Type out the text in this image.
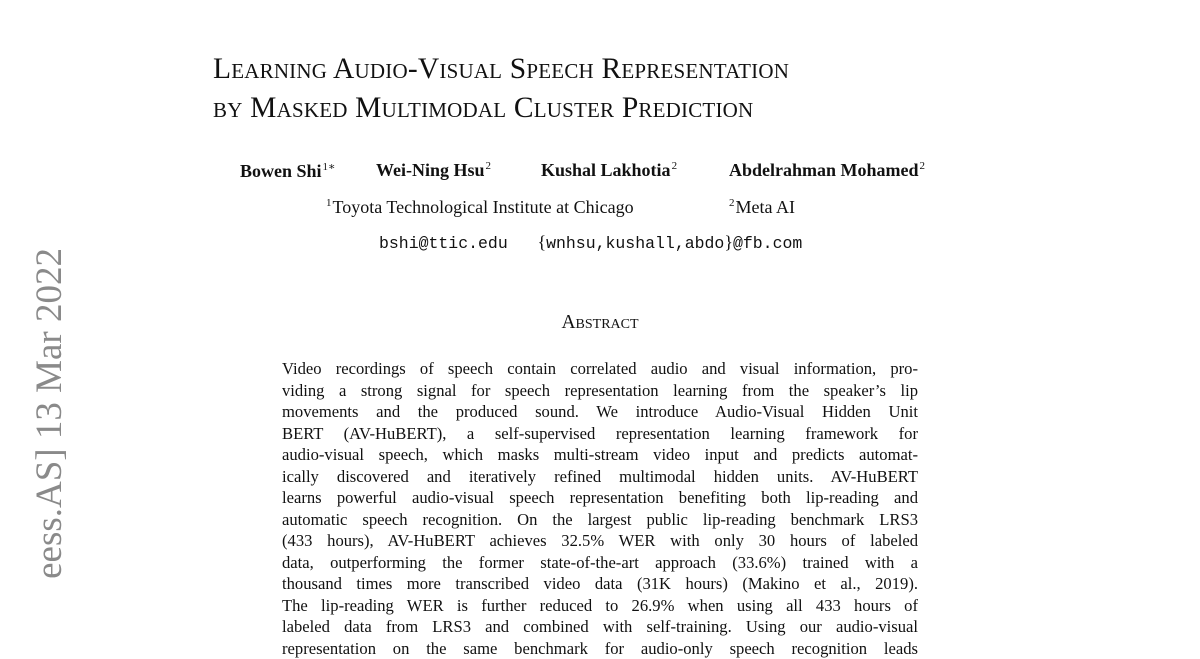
Learning Audio-Visual Speech Representation
by Masked Multimodal Cluster Prediction
Bowen Shi$^{1∗}$ Wei-Ning Hsu$^2$	Kushal Lakhotia$^2$	Abdelrahman Mohamed$^2$
$^1$Toyota Technological Institute at Chicago	$^2$Meta AI
bshi@ttic.edu {wnhsu,kushall,abdo}@fb.com
Abstract
Video recordings of speech contain correlated audio and visual information, pro-
viding a strong signal for speech representation learning from the speaker’s lip
movements and the produced sound. We introduce Audio-Visual Hidden Unit
BERT (AV-HuBERT), a self-supervised representation learning framework for
audio-visual speech, which masks multi-stream video input and predicts automat-
ically discovered and iteratively refined multimodal hidden units. AV-HuBERT
learns powerful audio-visual speech representation benefiting both lip-reading and
automatic speech recognition. On the largest public lip-reading benchmark LRS3
(433 hours), AV-HuBERT achieves 32.5% WER with only 30 hours of labeled
data, outperforming the former state-of-the-art approach (33.6%) trained with a
thousand times more transcribed video data (31K hours) (Makino et al., 2019).
The lip-reading WER is further reduced to 26.9% when using all 433 hours of
labeled data from LRS3 and combined with self-training. Using our audio-visual
representation on the same benchmark for audio-only speech recognition leads
eess.AS] 13 Mar 2022
